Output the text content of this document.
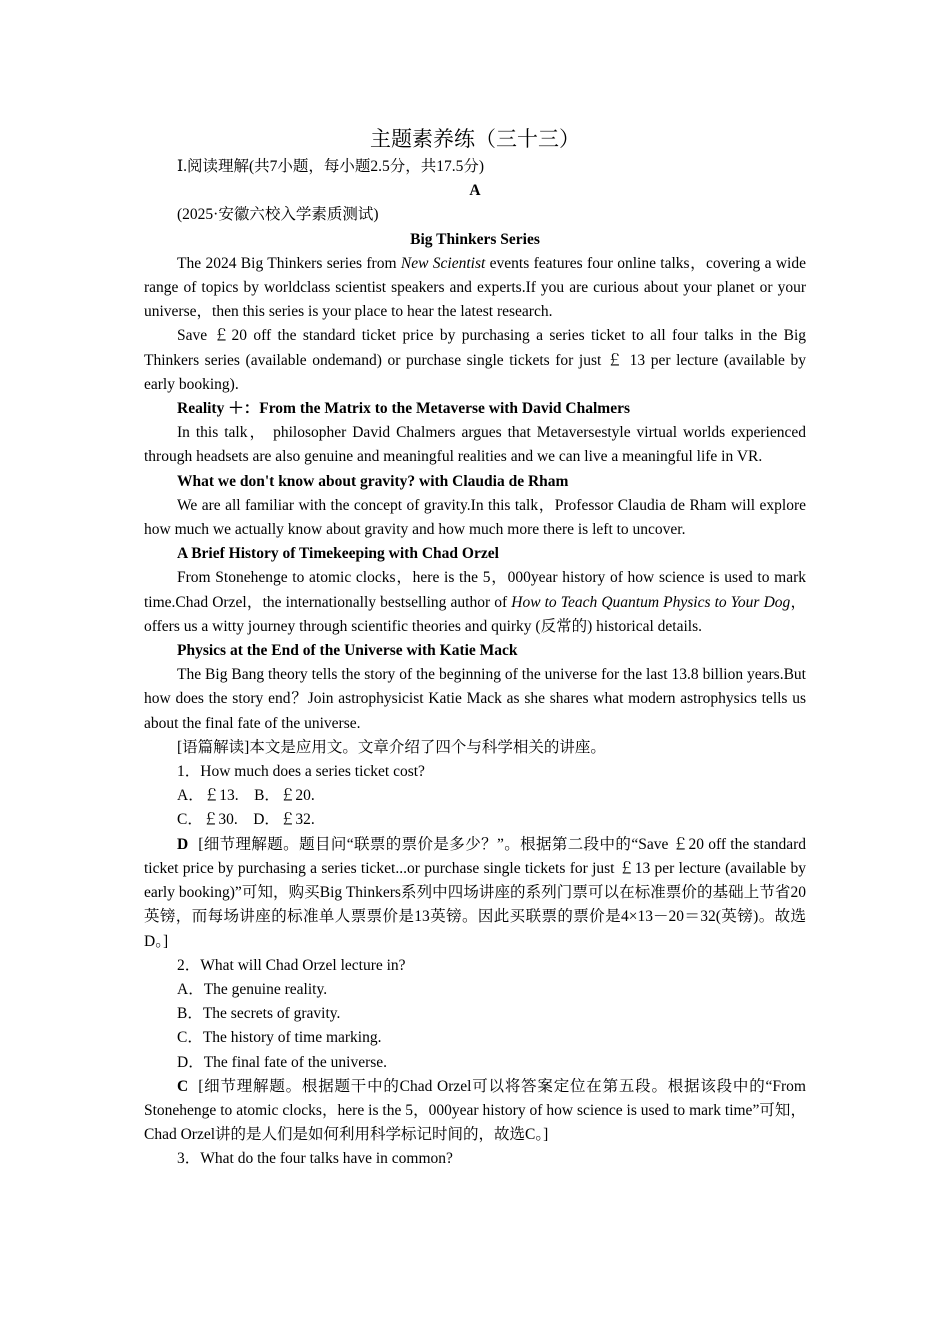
主题素养练（三十三）

Ⅰ.阅读理解(共7小题，每小题2.5分，共17.5分)

A

(2025·安徽六校入学素质测试)

Big Thinkers Series

The 2024 Big Thinkers series from New Scientist events features four online talks，covering a wide range of topics by worldclass scientist speakers and experts.If you are curious about your planet or your universe，then this series is your place to hear the latest research.

Save ￡20 off the standard ticket price by purchasing a series ticket to all four talks in the Big Thinkers series (available ondemand) or purchase single tickets for just ￡ 13 per lecture (available by early booking).

Reality ＋：From the Matrix to the Metaverse with David Chalmers

In this talk， philosopher David Chalmers argues that Metaversestyle virtual worlds experienced through headsets are also genuine and meaningful realities and we can live a meaningful life in VR.

What we don't know about gravity? with Claudia de Rham

We are all familiar with the concept of gravity.In this talk，Professor Claudia de Rham will explore how much we actually know about gravity and how much more there is left to uncover.

A Brief History of Timekeeping with Chad Orzel

From Stonehenge to atomic clocks，here is the 5，000year history of how science is used to mark time.Chad Orzel，the internationally bestselling author of How to Teach Quantum Physics to Your Dog，offers us a witty journey through scientific theories and quirky (反常的) historical details.

Physics at the End of the Universe with Katie Mack

The Big Bang theory tells the story of the beginning of the universe for the last 13.8 billion years.But how does the story end？Join astrophysicist Katie Mack as she shares what modern astrophysics tells us about the final fate of the universe.

[语篇解读]本文是应用文。文章介绍了四个与科学相关的讲座。

1．How much does a series ticket cost?

A．￡13.　B．￡20.

C．￡30.　D．￡32.

D [细节理解题。题目问“联票的票价是多少？”。根据第二段中的“Save ￡20 off the standard ticket price by purchasing a series ticket...or purchase single tickets for just ￡13 per lecture (available by early booking)”可知，购买Big Thinkers系列中四场讲座的系列门票可以在标准票价的基础上节省20英镑，而每场讲座的标准单人票票价是13英镑。因此买联票的票价是4×13－20＝32(英镑)。故选 D。]

2．What will Chad Orzel lecture in?

A．The genuine reality.

B．The secrets of gravity.

C．The history of time marking.

D．The final fate of the universe.

C [细节理解题。根据题干中的Chad Orzel可以将答案定位在第五段。根据该段中的“From Stonehenge to atomic clocks，here is the 5，000year history of how science is used to mark time”可知，Chad Orzel讲的是人们是如何利用科学标记时间的，故选C。]

3．What do the four talks have in common?
